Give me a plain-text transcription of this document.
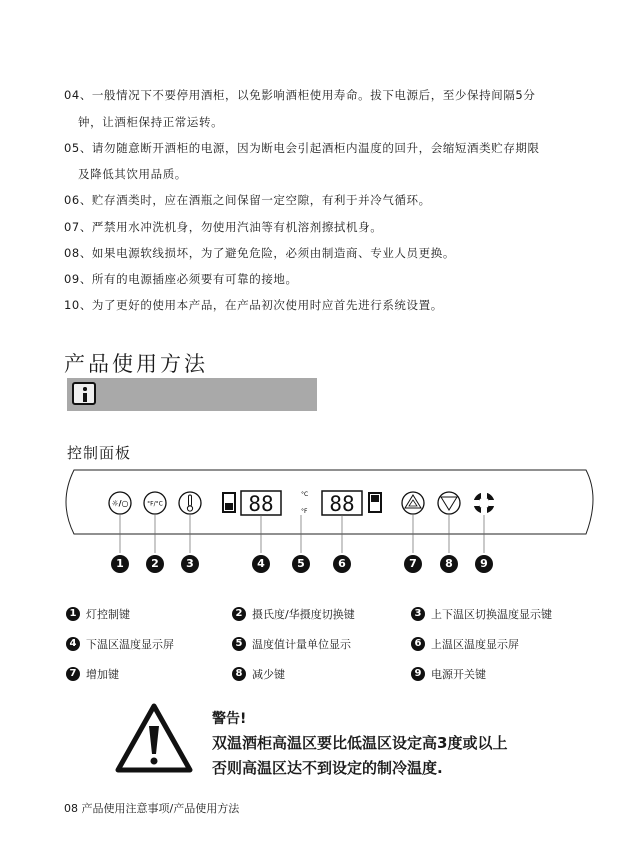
04、一般情况下不要停用酒柜，以免影响酒柜使用寿命。拔下电源后，至少保持间隔5分
钟，让酒柜保持正常运转。
05、请勿随意断开酒柜的电源，因为断电会引起酒柜内温度的回升，会缩短酒类贮存期限
及降低其饮用品质。
06、贮存酒类时，应在酒瓶之间保留一定空隙，有利于并冷气循环。
07、严禁用水冲洗机身，勿使用汽油等有机溶剂擦拭机身。
08、如果电源软线损坏，为了避免危险，必须由制造商、专业人员更换。
09、所有的电源插座必须要有可靠的接地。
10、为了更好的使用本产品，在产品初次使用时应首先进行系统设置。
产品使用方法
控制面板
☼/○	°F/°C	88	°C
°F 88
1	2	3	4	5	6	7	8	9
1 灯控制键	2 摄氏度/华摄度切换键	3 上下温区切换温度显示键
4 下温区温度显示屏	5 温度值计量单位显示	6 上温区温度显示屏
7 增加键	8 减少键	9 电源开关键
警告!
双温酒柜高温区要比低温区设定高3度或以上
否则高温区达不到设定的制冷温度.
08 产品使用注意事项/产品使用方法
